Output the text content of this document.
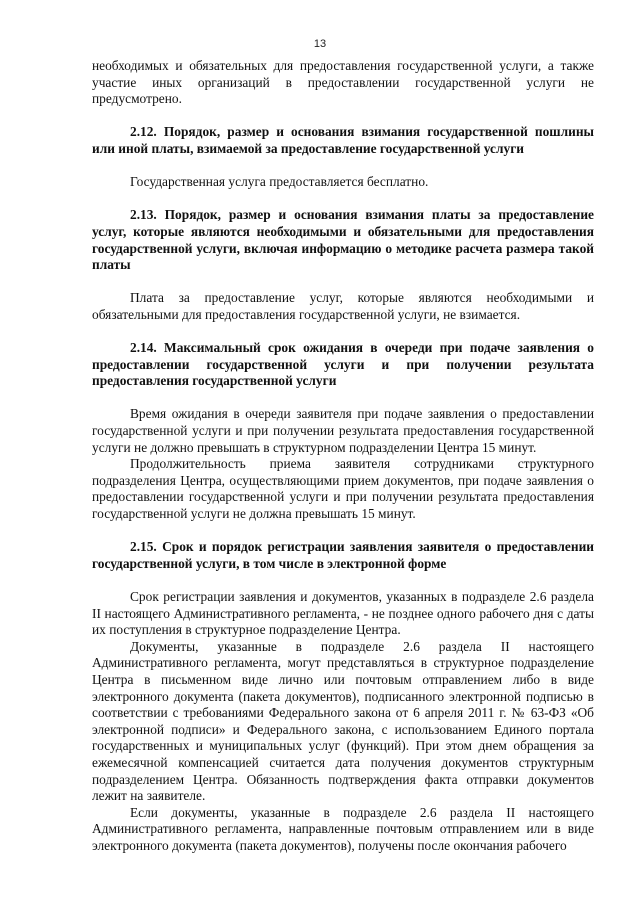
13

необходимых и обязательных для предоставления государственной услуги, а также участие иных организаций в предоставлении государственной услуги не предусмотрено.

2.12. Порядок, размер и основания взимания государственной пошлины или иной платы, взимаемой за предоставление государственной услуги

Государственная услуга предоставляется бесплатно.

2.13. Порядок, размер и основания взимания платы за предоставление услуг, которые являются необходимыми и обязательными для предоставления государственной услуги, включая информацию о методике расчета размера такой платы

Плата за предоставление услуг, которые являются необходимыми и обязательными для предоставления государственной услуги, не взимается.

2.14. Максимальный срок ожидания в очереди при подаче заявления о предоставлении государственной услуги и при получении результата предоставления государственной услуги

Время ожидания в очереди заявителя при подаче заявления о предоставлении государственной услуги и при получении результата предоставления государственной услуги не должно превышать в структурном подразделении Центра 15 минут.

Продолжительность приема заявителя сотрудниками структурного подразделения Центра, осуществляющими прием документов, при подаче заявления о предоставлении государственной услуги и при получении результата предоставления государственной услуги не должна превышать 15 минут.

2.15. Срок и порядок регистрации заявления заявителя о предоставлении государственной услуги, в том числе в электронной форме

Срок регистрации заявления и документов, указанных в подразделе 2.6 раздела II настоящего Административного регламента, - не позднее одного рабочего дня с даты их поступления в структурное подразделение Центра.

Документы, указанные в подразделе 2.6 раздела II настоящего Административного регламента, могут представляться в структурное подразделение Центра в письменном виде лично или почтовым отправлением либо в виде электронного документа (пакета документов), подписанного электронной подписью в соответствии с требованиями Федерального закона от 6 апреля 2011 г. № 63-ФЗ «Об электронной подписи» и Федерального закона, с использованием Единого портала государственных и муниципальных услуг (функций). При этом днем обращения за ежемесячной компенсацией считается дата получения документов структурным подразделением Центра. Обязанность подтверждения факта отправки документов лежит на заявителе.

Если документы, указанные в подразделе 2.6 раздела II настоящего Административного регламента, направленные почтовым отправлением или в виде электронного документа (пакета документов), получены после окончания рабочего
